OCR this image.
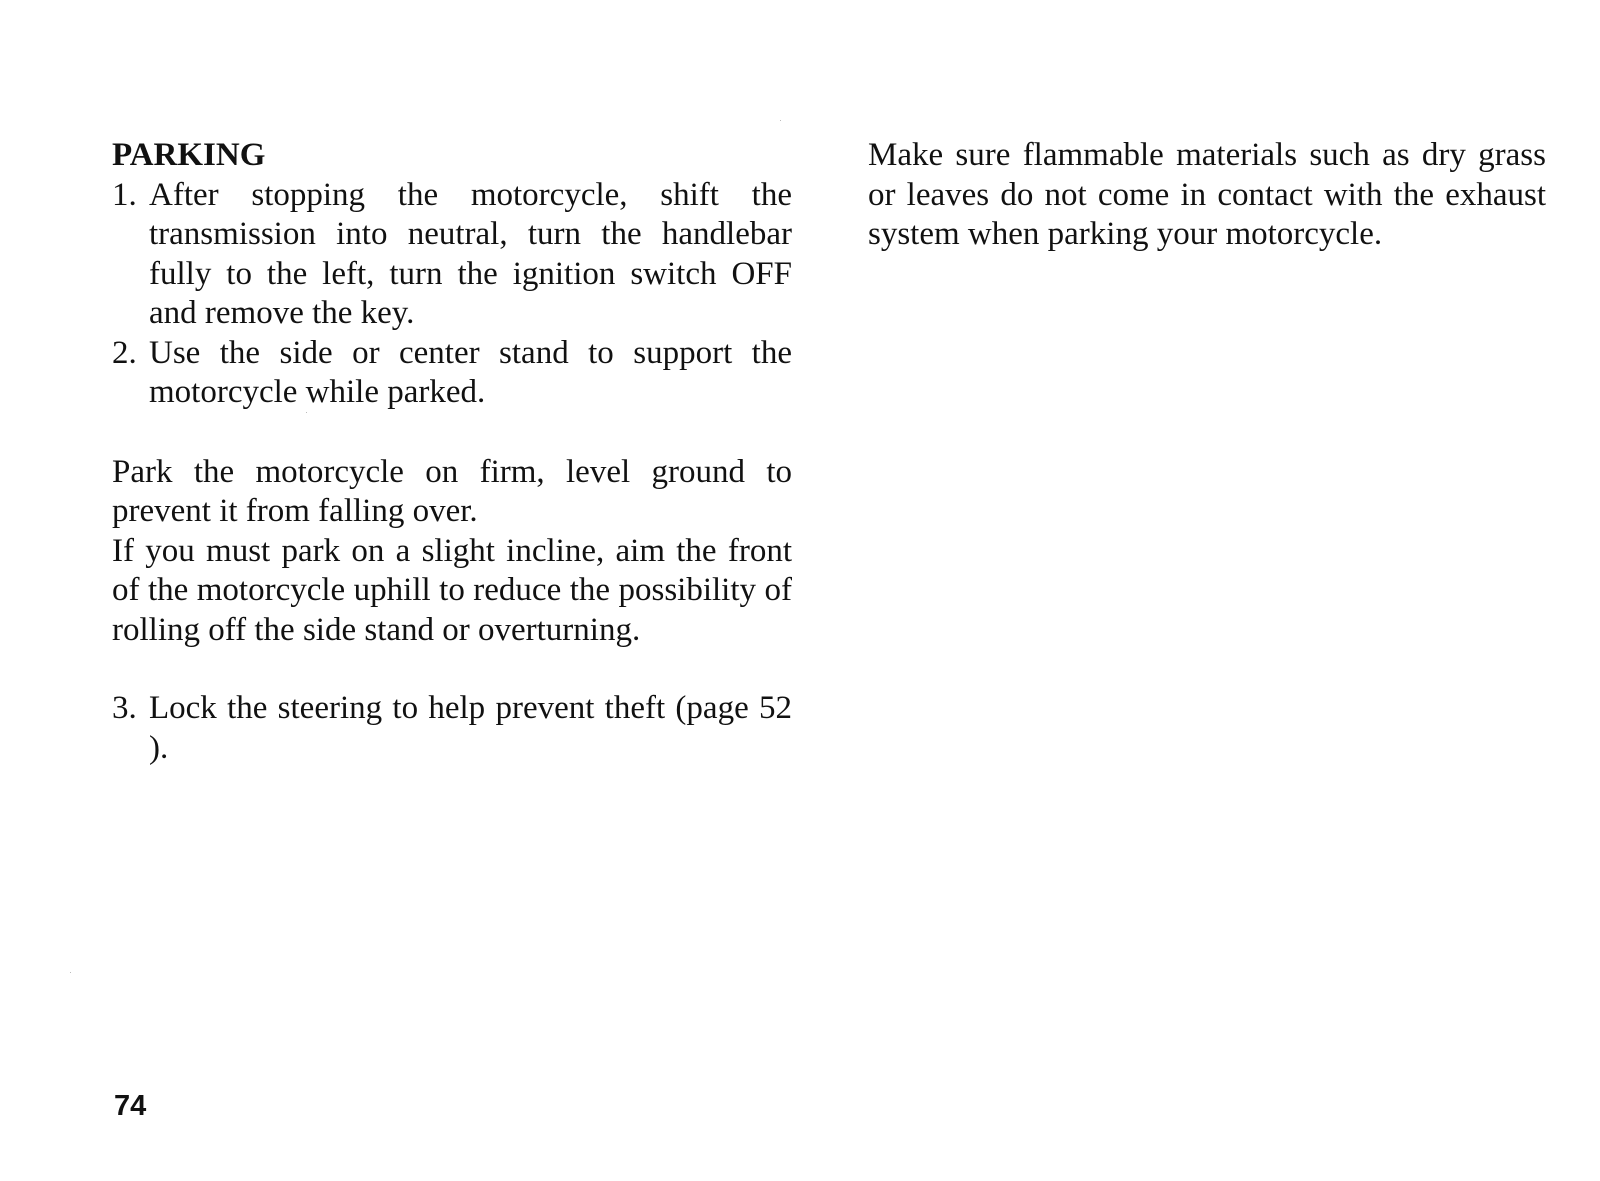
PARKING
1. After stopping the motorcycle, shift the transmission into neutral, turn the handlebar fully to the left, turn the ignition switch OFF and remove the key.
2. Use the side or center stand to support the motorcycle while parked.

Park the motorcycle on firm, level ground to prevent it from falling over.

If you must park on a slight incline, aim the front of the motorcycle uphill to reduce the possibility of rolling off the side stand or overturning.

3. Lock the steering to help prevent theft (page 52 ).

Make sure flammable materials such as dry grass or leaves do not come in contact with the exhaust system when parking your motorcycle.

74
